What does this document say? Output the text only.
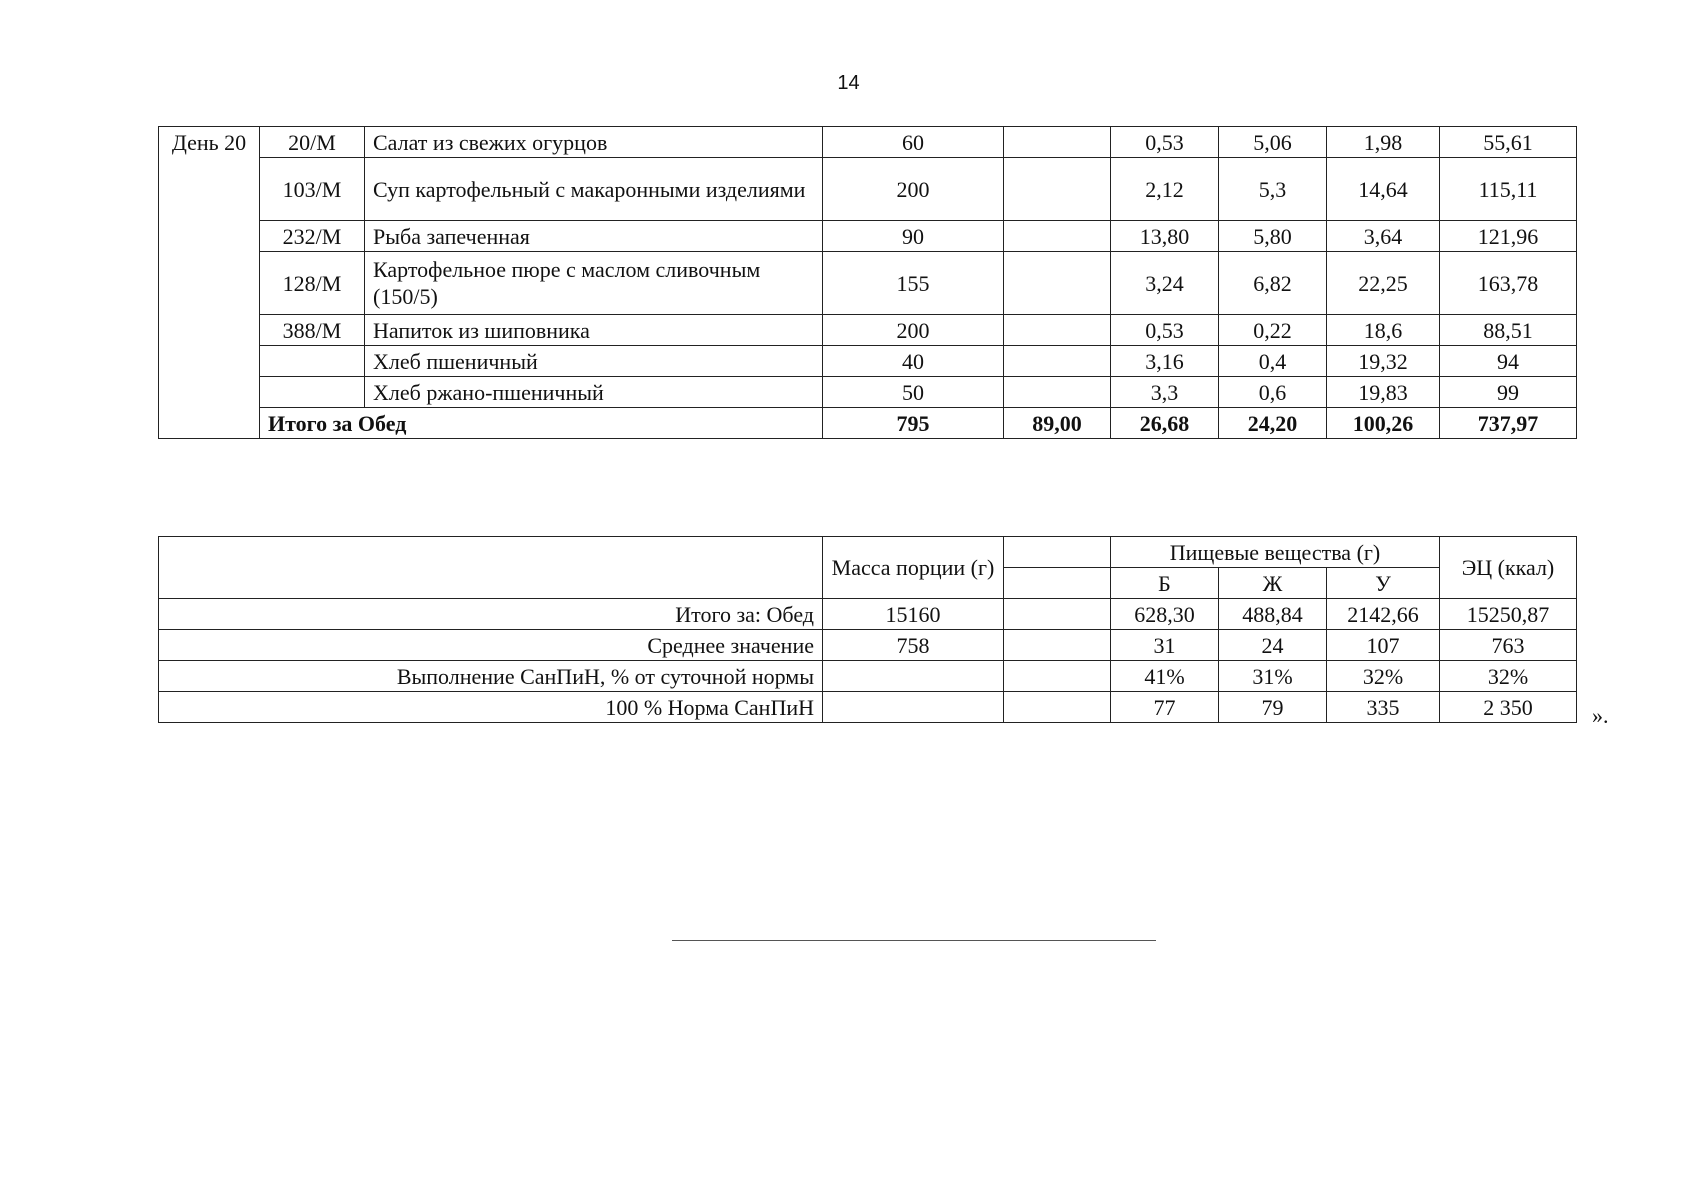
14
День 20	20/М	Салат из свежих огурцов	60		0,53	5,06	1,98	55,61
	103/М	Суп картофельный с макаронными изделиями	200		2,12	5,3	14,64	115,11
	232/М	Рыба запеченная	90		13,80	5,80	3,64	121,96
	128/М	Картофельное пюре с маслом сливочным (150/5)	155		3,24	6,82	22,25	163,78
	388/М	Напиток из шиповника	200		0,53	0,22	18,6	88,51
		Хлеб пшеничный	40		3,16	0,4	19,32	94
		Хлеб ржано-пшеничный	50		3,3	0,6	19,83	99
	Итого за Обед		795	89,00	26,68	24,20	100,26	737,97
	Масса порции (г)		Пищевые вещества (г)			ЭЦ (ккал)
			Б	Ж	У	
Итого за: Обед	15160		628,30	488,84	2142,66	15250,87
Среднее значение	758		31	24	107	763
Выполнение СанПиН, % от суточной нормы			41%	31%	32%	32%
100 % Норма СанПиН			77	79	335	2 350	».
